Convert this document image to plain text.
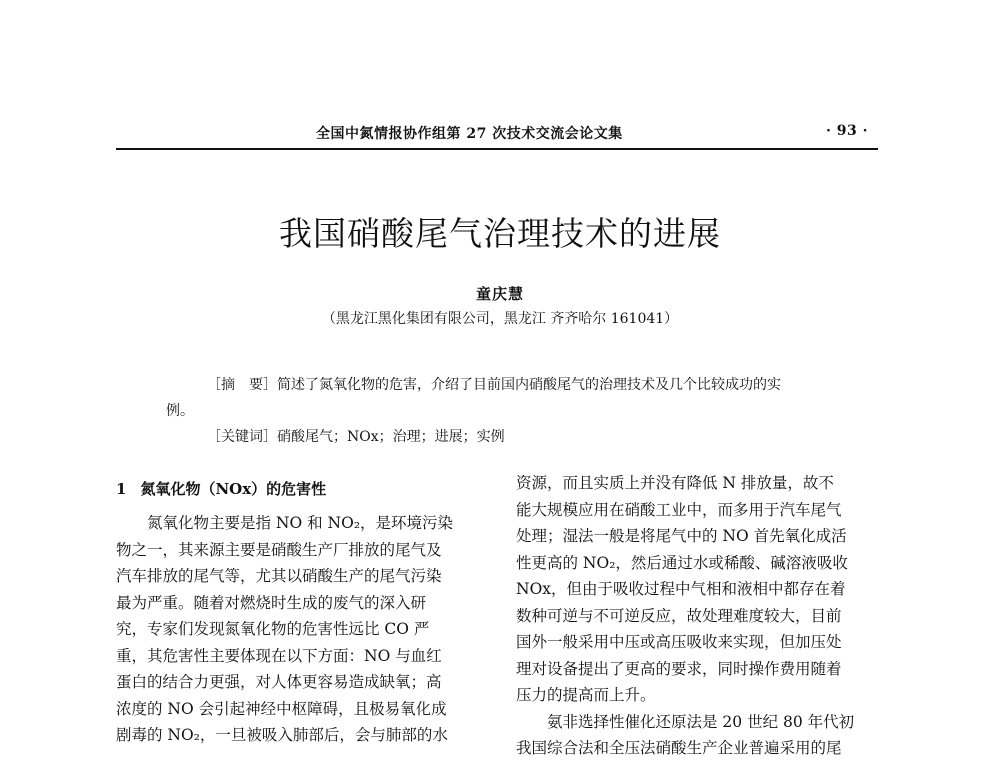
全国中氮情报协作组第 27 次技术交流会论文集	· 93 ·
我国硝酸尾气治理技术的进展
童庆慧
（黑龙江黑化集团有限公司，黑龙江 齐齐哈尔 161041）
［摘　要］简述了氮氧化物的危害，介绍了目前国内硝酸尾气的治理技术及几个比较成功的实
例。
［关键词］硝酸尾气；NOx；治理；进展；实例
1 氮氧化物（NOx）的危害性
　　氮氧化物主要是指 NO 和 NO₂，是环境污染
物之一，其来源主要是硝酸生产厂排放的尾气及
汽车排放的尾气等，尤其以硝酸生产的尾气污染
最为严重。随着对燃烧时生成的废气的深入研
究，专家们发现氮氧化物的危害性远比 CO 严
重，其危害性主要体现在以下方面：NO 与血红
蛋白的结合力更强，对人体更容易造成缺氧；高
浓度的 NO 会引起神经中枢障碍，且极易氧化成
剧毒的 NO₂，一旦被吸入肺部后，会与肺部的水
资源，而且实质上并没有降低 N 排放量，故不
能大规模应用在硝酸工业中，而多用于汽车尾气
处理；湿法一般是将尾气中的 NO 首先氧化成活
性更高的 NO₂，然后通过水或稀酸、碱溶液吸收
NOx，但由于吸收过程中气相和液相中都存在着
数种可逆与不可逆反应，故处理难度较大，目前
国外一般采用中压或高压吸收来实现，但加压处
理对设备提出了更高的要求，同时操作费用随着
压力的提高而上升。
　　氨非选择性催化还原法是 20 世纪 80 年代初
我国综合法和全压法硝酸生产企业普遍采用的尾
